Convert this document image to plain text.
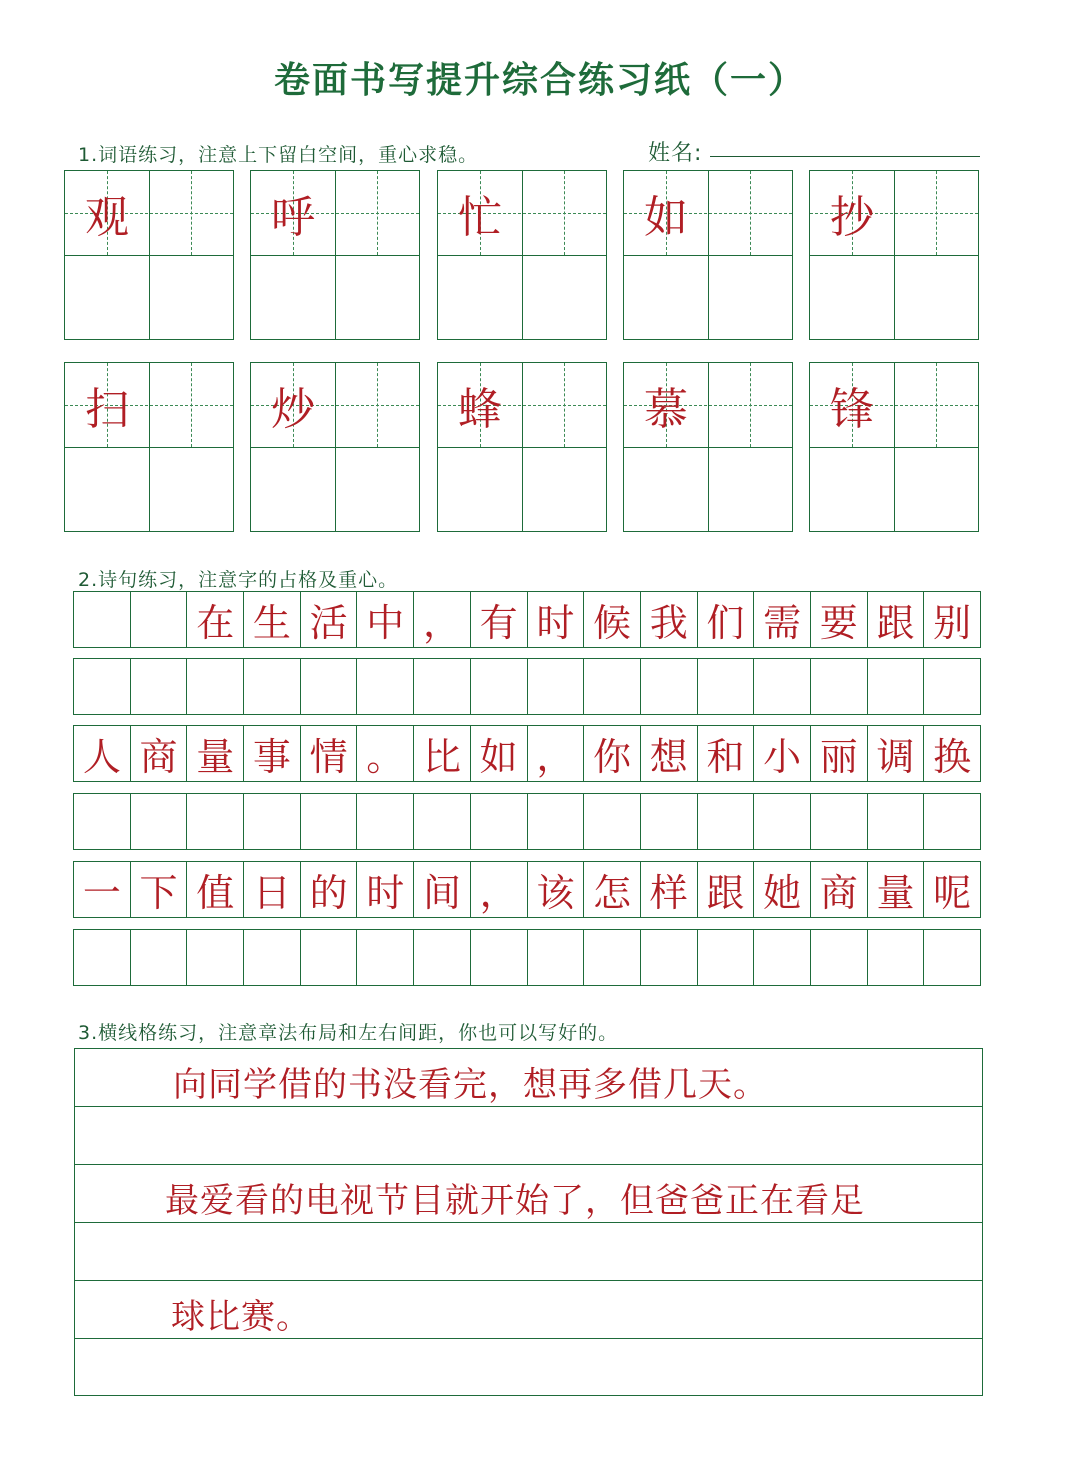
卷面书写提升综合练习纸（一）
1.词语练习，注意上下留白空间，重心求稳。	姓名:
观	呼	忙	如	抄
扫	炒	蜂	慕	锋
2.诗句练习，注意字的占格及重心。
在 生 活 中 ， 有 时 候 我 们 需 要 跟 别
人 商 量 事 情 。 比 如 ， 你 想 和 小 丽 调 换
一 下 值 日 的 时 间 ， 该 怎 样 跟 她 商 量 呢
3.横线格练习，注意章法布局和左右间距，你也可以写好的。
向同学借的书没看完，想再多借几天。
最爱看的电视节目就开始了，但爸爸正在看足
球比赛。
